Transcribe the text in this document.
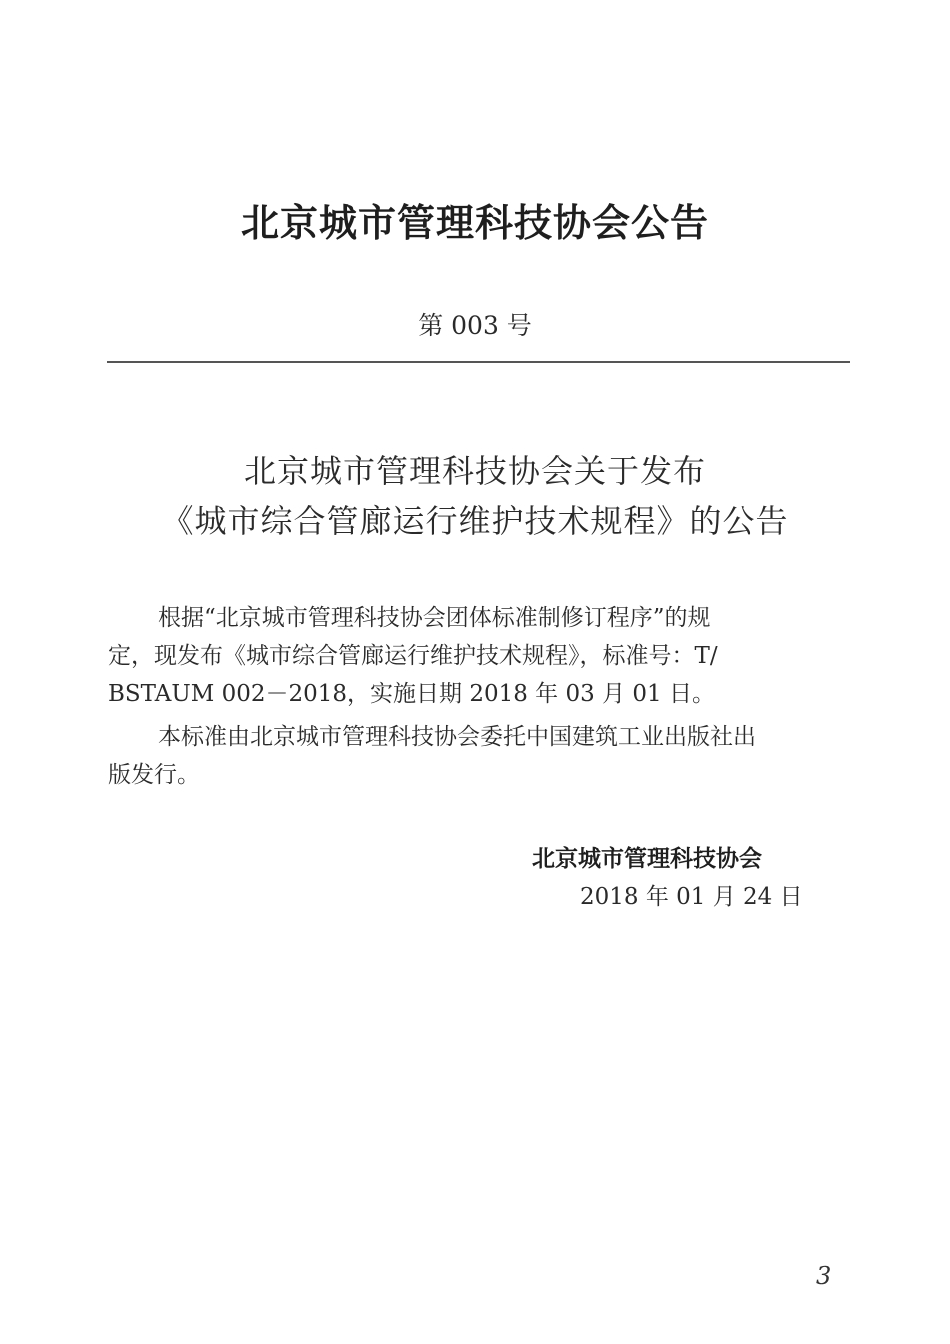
北京城市管理科技协会公告
第 003 号
北京城市管理科技协会关于发布
《城市综合管廊运行维护技术规程》的公告
根据“北京城市管理科技协会团体标准制修订程序”的规
定，现发布《城市综合管廊运行维护技术规程》，标准号：T/
BSTAUM 002－2018，实施日期 2018 年 03 月 01 日。
本标准由北京城市管理科技协会委托中国建筑工业出版社出
版发行。
北京城市管理科技协会
2018 年 01 月 24 日
3
